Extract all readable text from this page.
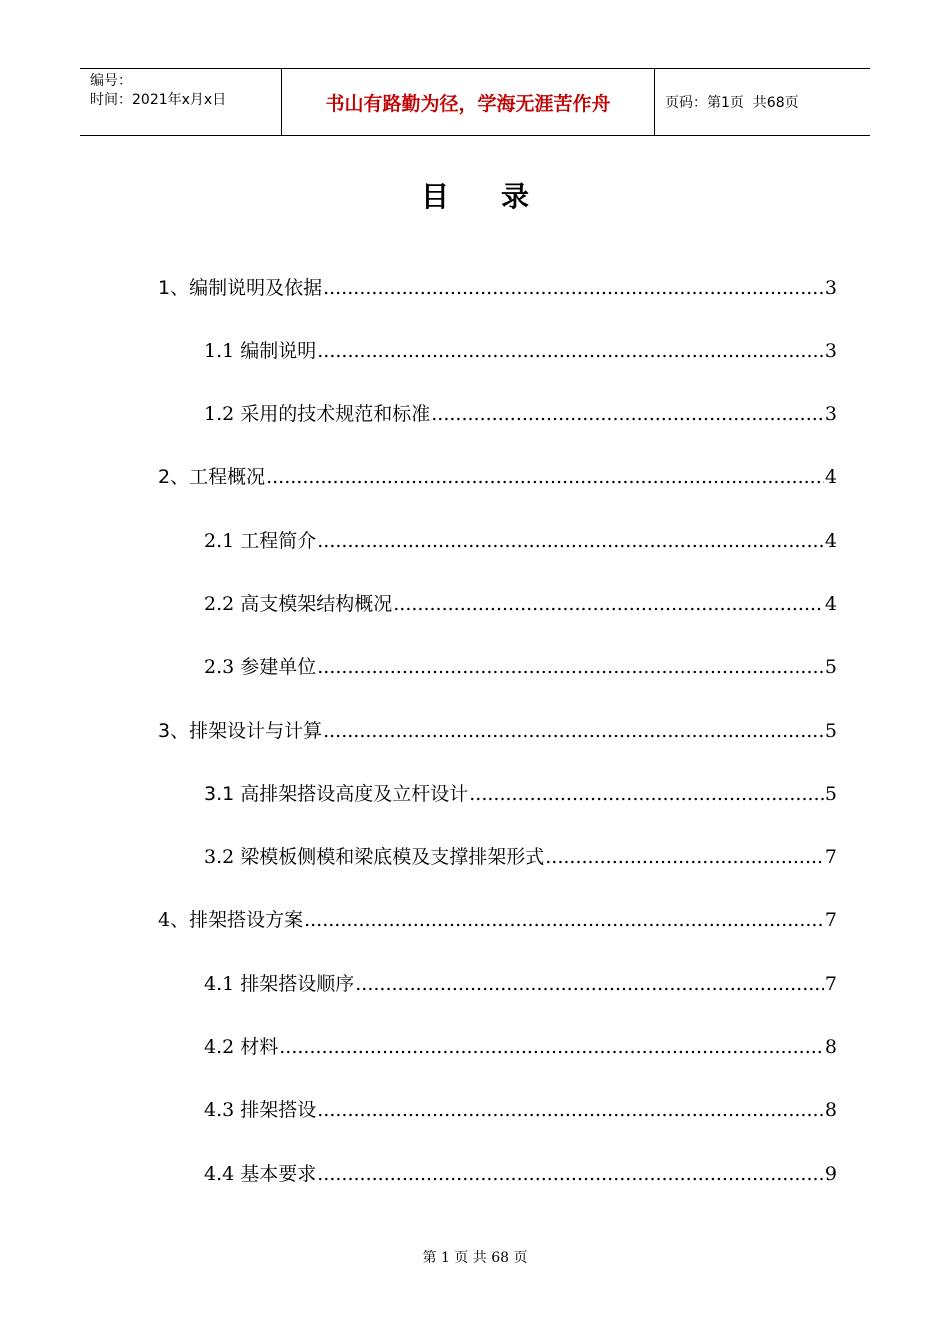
编号：
时间：2021年x月x日	书山有路勤为径，学海无涯苦作舟	页码：第1页  共68页
目录
1、编制说明及依据 .....	3
1.1 编制说明 .....	3
1.2 采用的技术规范和标准 .....	3
2、工程概况 .....	4
2.1 工程简介 .....	4
2.2 高支模架结构概况 .....	4
2.3 参建单位 .....	5
3、排架设计与计算 .....	5
3.1 高排架搭设高度及立杆设计 .....	5
3.2 梁模板侧模和梁底模及支撑排架形式 .....	7
4、排架搭设方案 .....	7
4.1 排架搭设顺序 .....	7
4.2 材料 .....	8
4.3 排架搭设 .....	8
4.4 基本要求 .....	9
第 1 页 共 68 页
